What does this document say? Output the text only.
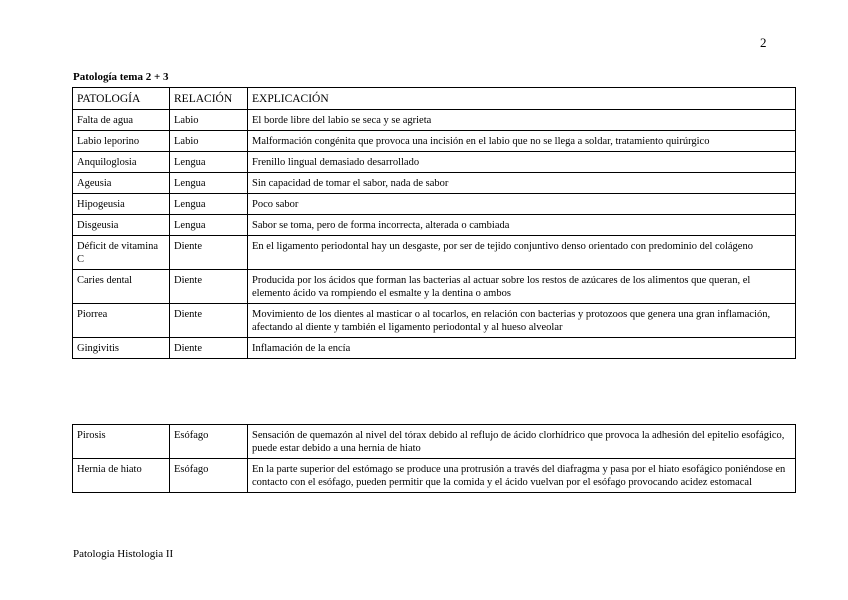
2
Patología tema 2 + 3
PATOLOGÍA	RELACIÓN	EXPLICACIÓN
Falta de agua	Labio	El borde libre del labio se seca y se agrieta
Labio leporino	Labio	Malformación congénita que provoca una incisión en el labio que no se llega a soldar, tratamiento quirúrgico
Anquiloglosia	Lengua	Frenillo lingual demasiado desarrollado
Ageusia	Lengua	Sin capacidad de tomar el sabor, nada de sabor
Hipogeusia	Lengua	Poco sabor
Disgeusia	Lengua	Sabor se toma, pero de forma incorrecta, alterada o cambiada
Déficit de vitamina C	Diente	En el ligamento periodontal hay un desgaste, por ser de tejido conjuntivo denso orientado con predominio del colágeno
Caries dental	Diente	Producida por los ácidos que forman las bacterias al actuar sobre los restos de azúcares de los alimentos que queran, el elemento ácido va rompiendo el esmalte y la dentina o ambos
Piorrea	Diente	Movimiento de los dientes al masticar o al tocarlos, en relación con bacterias y protozoos que genera una gran inflamación, afectando al diente y también el ligamento periodontal y al hueso alveolar
Gingivitis	Diente	Inflamación de la encía
Pirosis	Esófago	Sensación de quemazón al nivel del tórax debido al reflujo de ácido clorhídrico que provoca la adhesión del epitelio esofágico, puede estar debido a una hernia de hiato
Hernia de hiato	Esófago	En la parte superior del estómago se produce una protrusión a través del diafragma y pasa por el hiato esofágico poniéndose en contacto con el esófago, pueden permitir que la comida y el ácido vuelvan por el esófago provocando acidez estomacal
Patologia Histologia II
